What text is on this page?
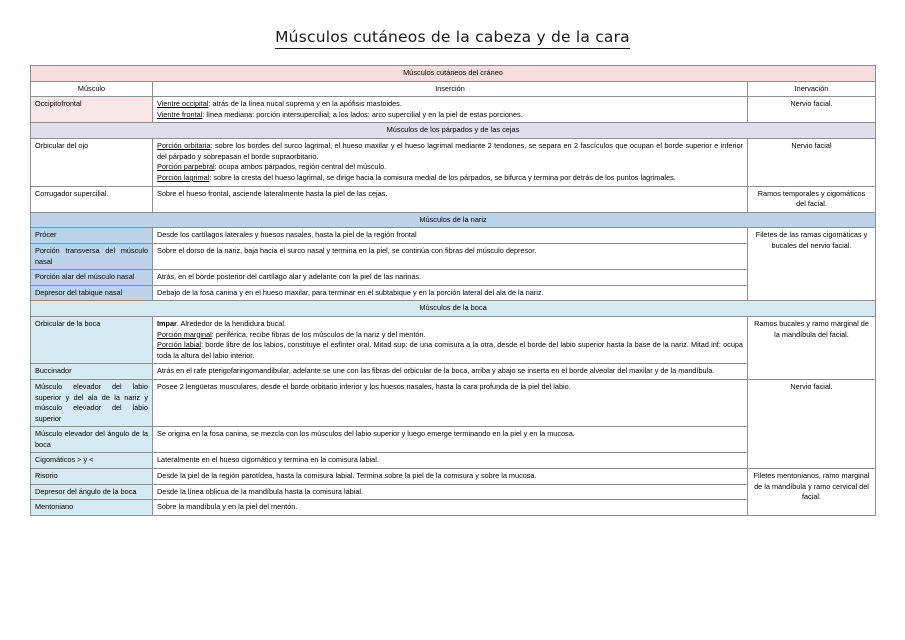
Músculos cutáneos de la cabeza y de la cara
Músculos cutáneos del cráneo		
Músculo	Inserción	Inervación
Occipitofrontal	Vientre occipital: atrás de la línea nucal suprema y en la apófisis mastoides.

Vientre frontal: línea mediana: porción intersupercilial; a los lados: arco supercilial y en la piel de estas porciones.	Nervio facial.
Músculos de los párpados y de las cejas		
Orbicular del ojo	Porción orbitaria: sobre los bordes del surco lagrimal, el hueso maxilar y el hueso lagrimal mediante 2 tendones, se separa en 2 fascículos que ocupan el borde superior e inferior del párpado y sobrepasan el borde supraorbitario.

Porción parpebral: ocupa ambos párpados, región central del músculo.

Porción lagrimal: sobre la cresta del hueso lagrimal, se dirige hacia la comisura medial de los párpados, se bifurca y termina por detrás de los puntos lagrimales.	Nervio facial
Corrugador supercilial.	Sobre el hueso frontal, asciende lateralmente hasta la piel de las cejas.	Ramos temporales y cigomáticos del facial.
Músculos de la nariz		
Prócer	Desde los cartílagos laterales y huesos nasales, hasta la piel de la región frontal	Filetes de las ramas cigomáticas y bucales del nervio facial.
Porción transversa del músculo nasal	Sobre el dorso de la nariz, baja hacia el surco nasal y termina en la piel, se continúa con fibras del músculo depresor.	

Porción alar del músculo nasal	Atrás, en el borde posterior del cartílago alar y adelante con la piel de las narinas.	

Depresor del tabique nasal	Debajo de la fosa canina y en el hueso maxilar, para terminar en el subtabique y en la porción lateral del ala de la nariz.	

Músculos de la boca		
Orbicular de la boca	Impar. Alrededor de la hendidura bucal.

Porción marginal: periférica, recibe fibras de los músculos de la nariz y del mentón.

Porción labial: borde libre de los labios, constituye el esfínter oral. Mitad sup: de una comisura a la otra, desde el borde del labio superior hasta la base de la nariz. Mitad inf: ocupa toda la altura del labio interior.	Ramos bucales y ramo marginal de la mandíbula del facial.
Buccinador	Atrás en el rafe pterigofaringomandibular, adelante se une con las fibras del orbicular de la boca, arriba y abajo se inserta en el borde alveolar del maxilar y de la mandíbula.	

Músculo elevador del labio superior y del ala de la nariz y músculo elevador del labio superior	Posee 2 lengüetas musculares, desde el borde orbitario inferior y los huesos nasales, hasta la cara profunda de la piel del labio.	Nervio facial.
Músculo elevador del ángulo de la boca	Se origina en la fosa canina, se mezcla con los músculos del labio superior y luego emerge terminando en la piel y en la mucosa.	

Cigomáticos > y <	Lateralmente en el hueso cigomático y termina en la comisura labial.	

Risorio	Desde la piel de la región parotídea, hasta la comisura labial. Termina sobre la piel de la comisura y sobre la mucosa.	Filetes mentonianos, ramo marginal de la mandíbula y ramo cervical del facial.
Depresor del ángulo de la boca	Desde la línea oblicua de la mandíbula hasta la comisura labial.	

Mentoniano	Sobre la mandíbula y en la piel del mentón.	
